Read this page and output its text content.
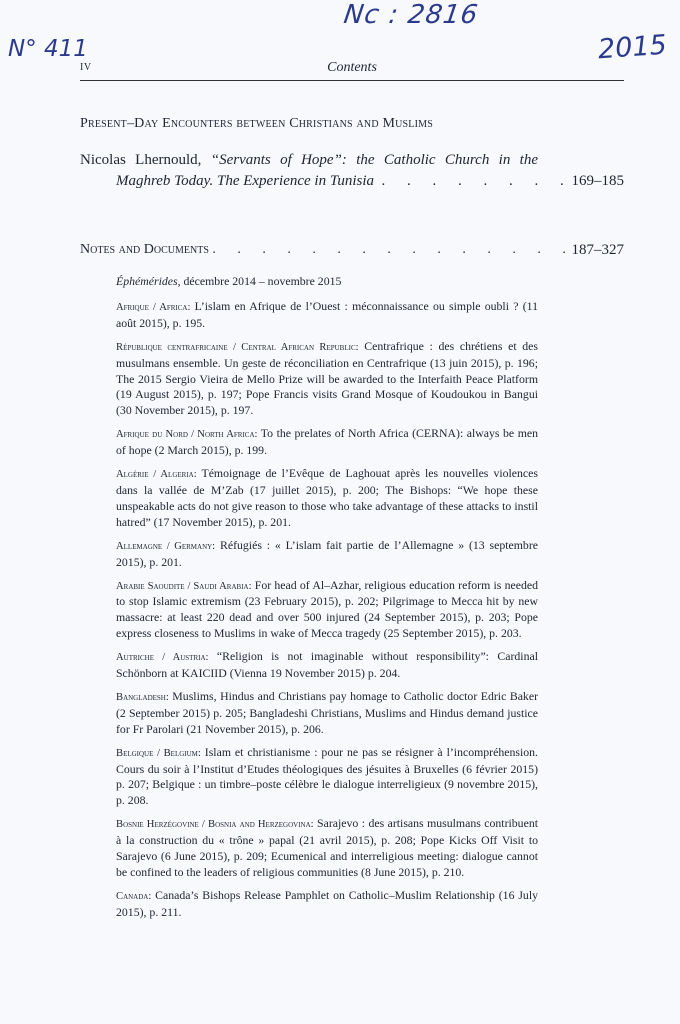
Nc : 2816
N° 411	2015
IV	Contents
Present–Day Encounters between Christians and Muslims
Nicolas Lhernould, “Servants of Hope”: the Catholic Church in the
Maghreb Today. The Experience in Tunisia . . . . . . . .
169–185
Notes and Documents . . . . . . . . . . . . . . .
187–327

Éphémérides, décembre 2014 – novembre 2015

Afrique / Africa: L’islam en Afrique de l’Ouest : méconnaissance ou simple oubli ? (11 août 2015), p. 195.

République centrafricaine / Central African Republic: Centrafrique : des chrétiens et des musulmans ensemble. Un geste de réconciliation en Centrafrique (13 juin 2015), p. 196; The 2015 Sergio Vieira de Mello Prize will be awarded to the Interfaith Peace Platform (19 August 2015), p. 197; Pope Francis visits Grand Mosque of Koudoukou in Bangui (30 November 2015), p. 197.

Afrique du Nord / North Africa: To the prelates of North Africa (CERNA): always be men of hope (2 March 2015), p. 199.

Algérie / Algeria: Témoignage de l’Evêque de Laghouat après les nouvelles violences dans la vallée de M’Zab (17 juillet 2015), p. 200; The Bishops: “We hope these unspeakable acts do not give reason to those who take advantage of these attacks to instil hatred” (17 November 2015), p. 201.

Allemagne / Germany: Réfugiés : « L’islam fait partie de l’Allemagne » (13 septembre 2015), p. 201.

Arabie Saoudite / Saudi Arabia: For head of Al–Azhar, religious education reform is needed to stop Islamic extremism (23 February 2015), p. 202; Pilgrimage to Mecca hit by new massacre: at least 220 dead and over 500 injured (24 September 2015), p. 203; Pope express closeness to Muslims in wake of Mecca tragedy (25 September 2015), p. 203.

Autriche / Austria: “Religion is not imaginable without responsibility”: Cardinal Schönborn at KAICIID (Vienna 19 November 2015) p. 204.

Bangladesh: Muslims, Hindus and Christians pay homage to Catholic doctor Edric Baker (2 September 2015) p. 205; Bangladeshi Christians, Muslims and Hindus demand justice for Fr Parolari (21 November 2015), p. 206.

Belgique / Belgium: Islam et christianisme : pour ne pas se résigner à l’incompréhension. Cours du soir à l’Institut d’Etudes théologiques des jésuites à Bruxelles (6 février 2015) p. 207; Belgique : un timbre–poste célèbre le dialogue interreligieux (9 novembre 2015), p. 208.

Bosnie Herzégovine / Bosnia and Herzegovina: Sarajevo : des artisans musulmans contribuent à la construction du « trône » papal (21 avril 2015), p. 208; Pope Kicks Off Visit to Sarajevo (6 June 2015), p. 209; Ecumenical and interreligious meeting: dialogue cannot be confined to the leaders of religious communities (8 June 2015), p. 210.

Canada: Canada’s Bishops Release Pamphlet on Catholic–Muslim Relationship (16 July 2015), p. 211.
